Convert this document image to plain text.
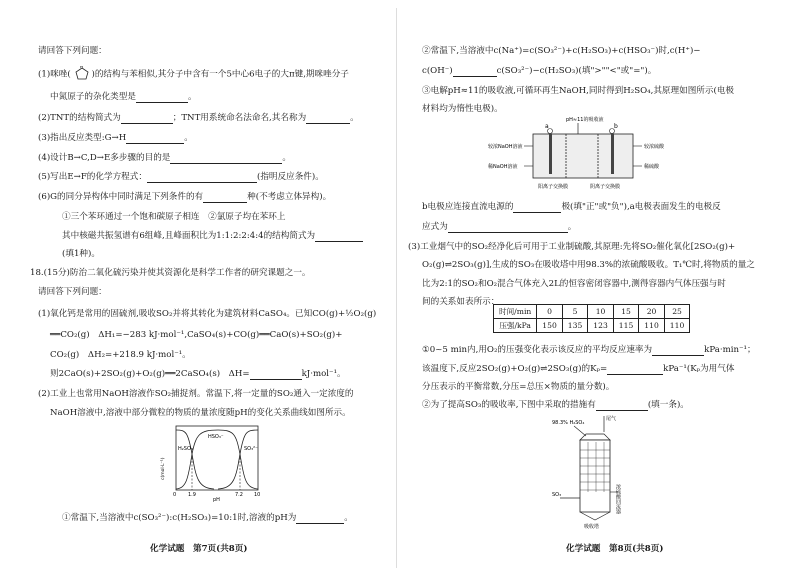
请回答下列问题：
(1)咪唑(
H
)的结构与苯相似,其分子中含有一个5中心6电子的大π键,期咪唑分子
中氮原子的杂化类型是	。
(2)TNT的结构简式为	；TNT用系统命名法命名,其名称为	。
(3)指出反应类型:G→H	。
(4)设计B→C,D→E多步骤的目的是	。
(5)写出E→F的化学方程式：	(指明反应条件)。
(6)G的同分异构体中同时满足下列条件的有	种(不考虑立体异构)。
①三个苯环通过一个饱和碳原子相连　②氯原子均在苯环上
其中核磁共振氢谱有6组峰,且峰面积比为1:1:2:2:4:4的结构简式为
(填1种)。
18.(15分)防治二氧化硫污染并使其资源化是科学工作者的研究课题之一。
请回答下列问题：
(1)氧化钙是常用的固硫剂,吸收SO₂并将其转化为建筑材料CaSO₄。已知CO(g)+½O₂(g)
══CO₂(g)　ΔH₁=−283 kJ·mol⁻¹,CaSO₄(s)+CO(g)══CaO(s)+SO₂(g)+
CO₂(g)　ΔH₂=+218.9 kJ·mol⁻¹。
则2CaO(s)+2SO₂(g)+O₂(g)══2CaSO₄(s)　ΔH=	kJ·mol⁻¹。
(2)工业上也常用NaOH溶液作SO₂捕捉剂。常温下,将一定量的SO₂通入一定浓度的
NaOH溶液中,溶液中部分微粒的物质的量浓度随pH的变化关系曲线如图所示。
H₂SO₃
HSO₃⁻
SO₃²⁻
c(mol·L⁻¹)
0 1.9	7.2 10
pH
①常温下,当溶液中c(SO₃²⁻):c(H₂SO₃)=10:1时,溶液的pH为	。
化学试题　第7页(共8页)
②常温下,当溶液中c(Na⁺)=c(SO₃²⁻)+c(H₂SO₃)+c(HSO₃⁻)时,c(H⁺)−
c(OH⁻)	c(SO₃²⁻)−c(H₂SO₃)(填">""<"或"=")。
③电解pH≈11的吸收液,可循环再生NaOH,同时得到H₂SO₄,其原理如图所示(电极
材料均为惰性电极)。
pH≈11的吸收液
a	b
较浓NaOH溶液
稀NaOH溶液
较浓硫酸
稀硫酸
阳离子交换膜	阴离子交换膜
b电极应连接直流电源的	极(填"正"或"负"),a电极表面发生的电极反
应式为	。
(3)工业烟气中的SO₂经净化后可用于工业制硫酸,其原理:先将SO₂催化氧化[2SO₂(g)+
O₂(g)⇌2SO₃(g)],生成的SO₃在吸收塔中用98.3%的浓硫酸吸收。T₁℃时,将物质的量之
比为2:1的SO₂和O₂混合气体充入2L的恒容密闭容器中,测得容器内气体压强与时
间的关系如表所示：
化学试题　第8页(共8页)
时间/min	0	5	10	15	20	25
压强/kPa	150	135	123	115	110	110
①0~5 min内,用O₂的压强变化表示该反应的平均反应速率为	kPa·min⁻¹；
该温度下,反应2SO₂(g)+O₂(g)⇌2SO₃(g)的Kₚ=	kPa⁻¹(Kₚ为用气体
分压表示的平衡常数,分压=总压×物质的量分数)。
②为了提高SO₃的吸收率,下图中采取的措施有	(填一条)。
98.3% H₂SO₄
尾气
SO₃
吸收塔
浓硫酸回流器
